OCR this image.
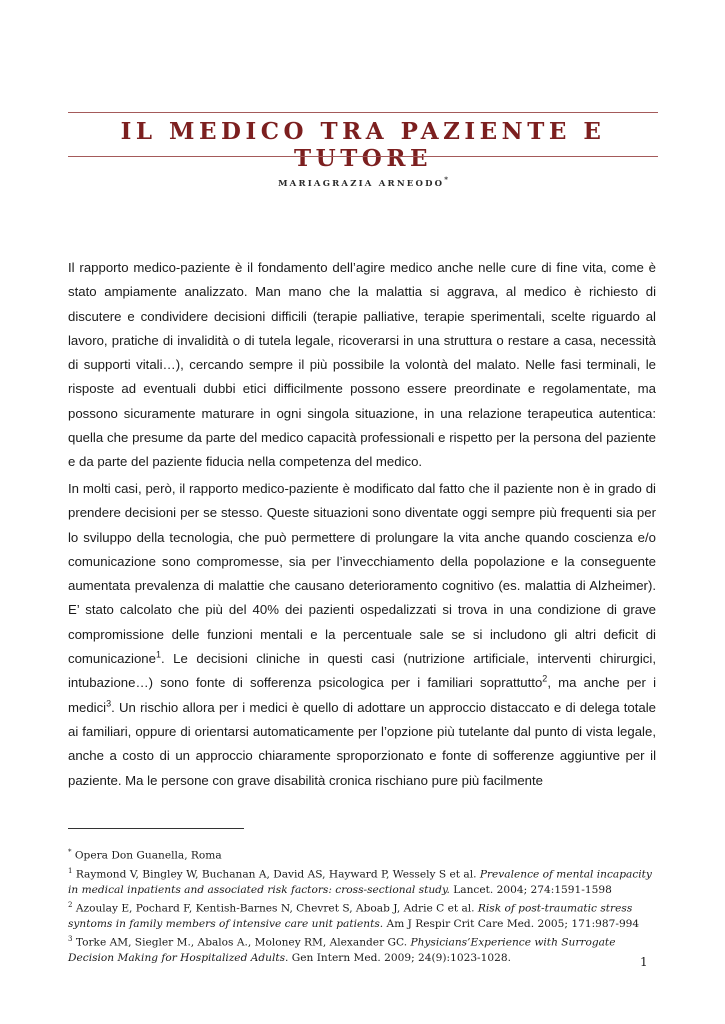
IL MEDICO TRA PAZIENTE E TUTORE
MARIAGRAZIA ARNEODO*
Il rapporto medico-paziente è il fondamento dell’agire medico anche nelle cure di fine vita, come è stato ampiamente analizzato. Man mano che la malattia si aggrava, al medico è richiesto di discutere e condividere decisioni difficili (terapie palliative, terapie sperimentali, scelte riguardo al lavoro, pratiche di invalidità o di tutela legale, ricoverarsi in una struttura o restare a casa, necessità di supporti vitali…), cercando sempre il più possibile la volontà del malato. Nelle fasi terminali, le risposte ad eventuali dubbi etici difficilmente possono essere preordinate e regolamentate, ma possono sicuramente maturare in ogni singola situazione, in una relazione terapeutica autentica: quella che presume da parte del medico capacità professionali e rispetto per la persona del paziente e da parte del paziente fiducia nella competenza del medico.
In molti casi, però, il rapporto medico-paziente è modificato dal fatto che il paziente non è in grado di prendere decisioni per se stesso. Queste situazioni sono diventate oggi sempre più frequenti sia per lo sviluppo della tecnologia, che può permettere di prolungare la vita anche quando coscienza e/o comunicazione sono compromesse, sia per l’invecchiamento della popolazione e la conseguente aumentata prevalenza di malattie che causano deterioramento cognitivo (es. malattia di Alzheimer). E’ stato calcolato che più del 40% dei pazienti ospedalizzati si trova in una condizione di grave compromissione delle funzioni mentali e la percentuale sale se si includono gli altri deficit di comunicazione$^1$. Le decisioni cliniche in questi casi (nutrizione artificiale, interventi chirurgici, intubazione…) sono fonte di sofferenza psicologica per i familiari soprattutto$^2$, ma anche per i medici$^3$. Un rischio allora per i medici è quello di adottare un approccio distaccato e di delega totale ai familiari, oppure di orientarsi automaticamente per l’opzione più tutelante dal punto di vista legale, anche a costo di un approccio chiaramente sproporzionato e fonte di sofferenze aggiuntive per il paziente. Ma le persone con grave disabilità cronica rischiano pure più facilmente
* Opera Don Guanella, Roma
$^1$ Raymond V, Bingley W, Buchanan A, David AS, Hayward P, Wessely S et al. Prevalence of mental incapacity in medical inpatients and associated risk factors: cross-sectional study. Lancet. 2004; 274:1591-1598
$^2$ Azoulay E, Pochard F, Kentish-Barnes N, Chevret S, Aboab J, Adrie C et al. Risk of post-traumatic stress syntoms in family members of intensive care unit patients. Am J Respir Crit Care Med. 2005; 171:987-994
$^3$ Torke AM, Siegler M., Abalos A., Moloney RM, Alexander GC. Physicians’Experience with Surrogate Decision Making for Hospitalized Adults. Gen Intern Med. 2009; 24(9):1023-1028.	1
